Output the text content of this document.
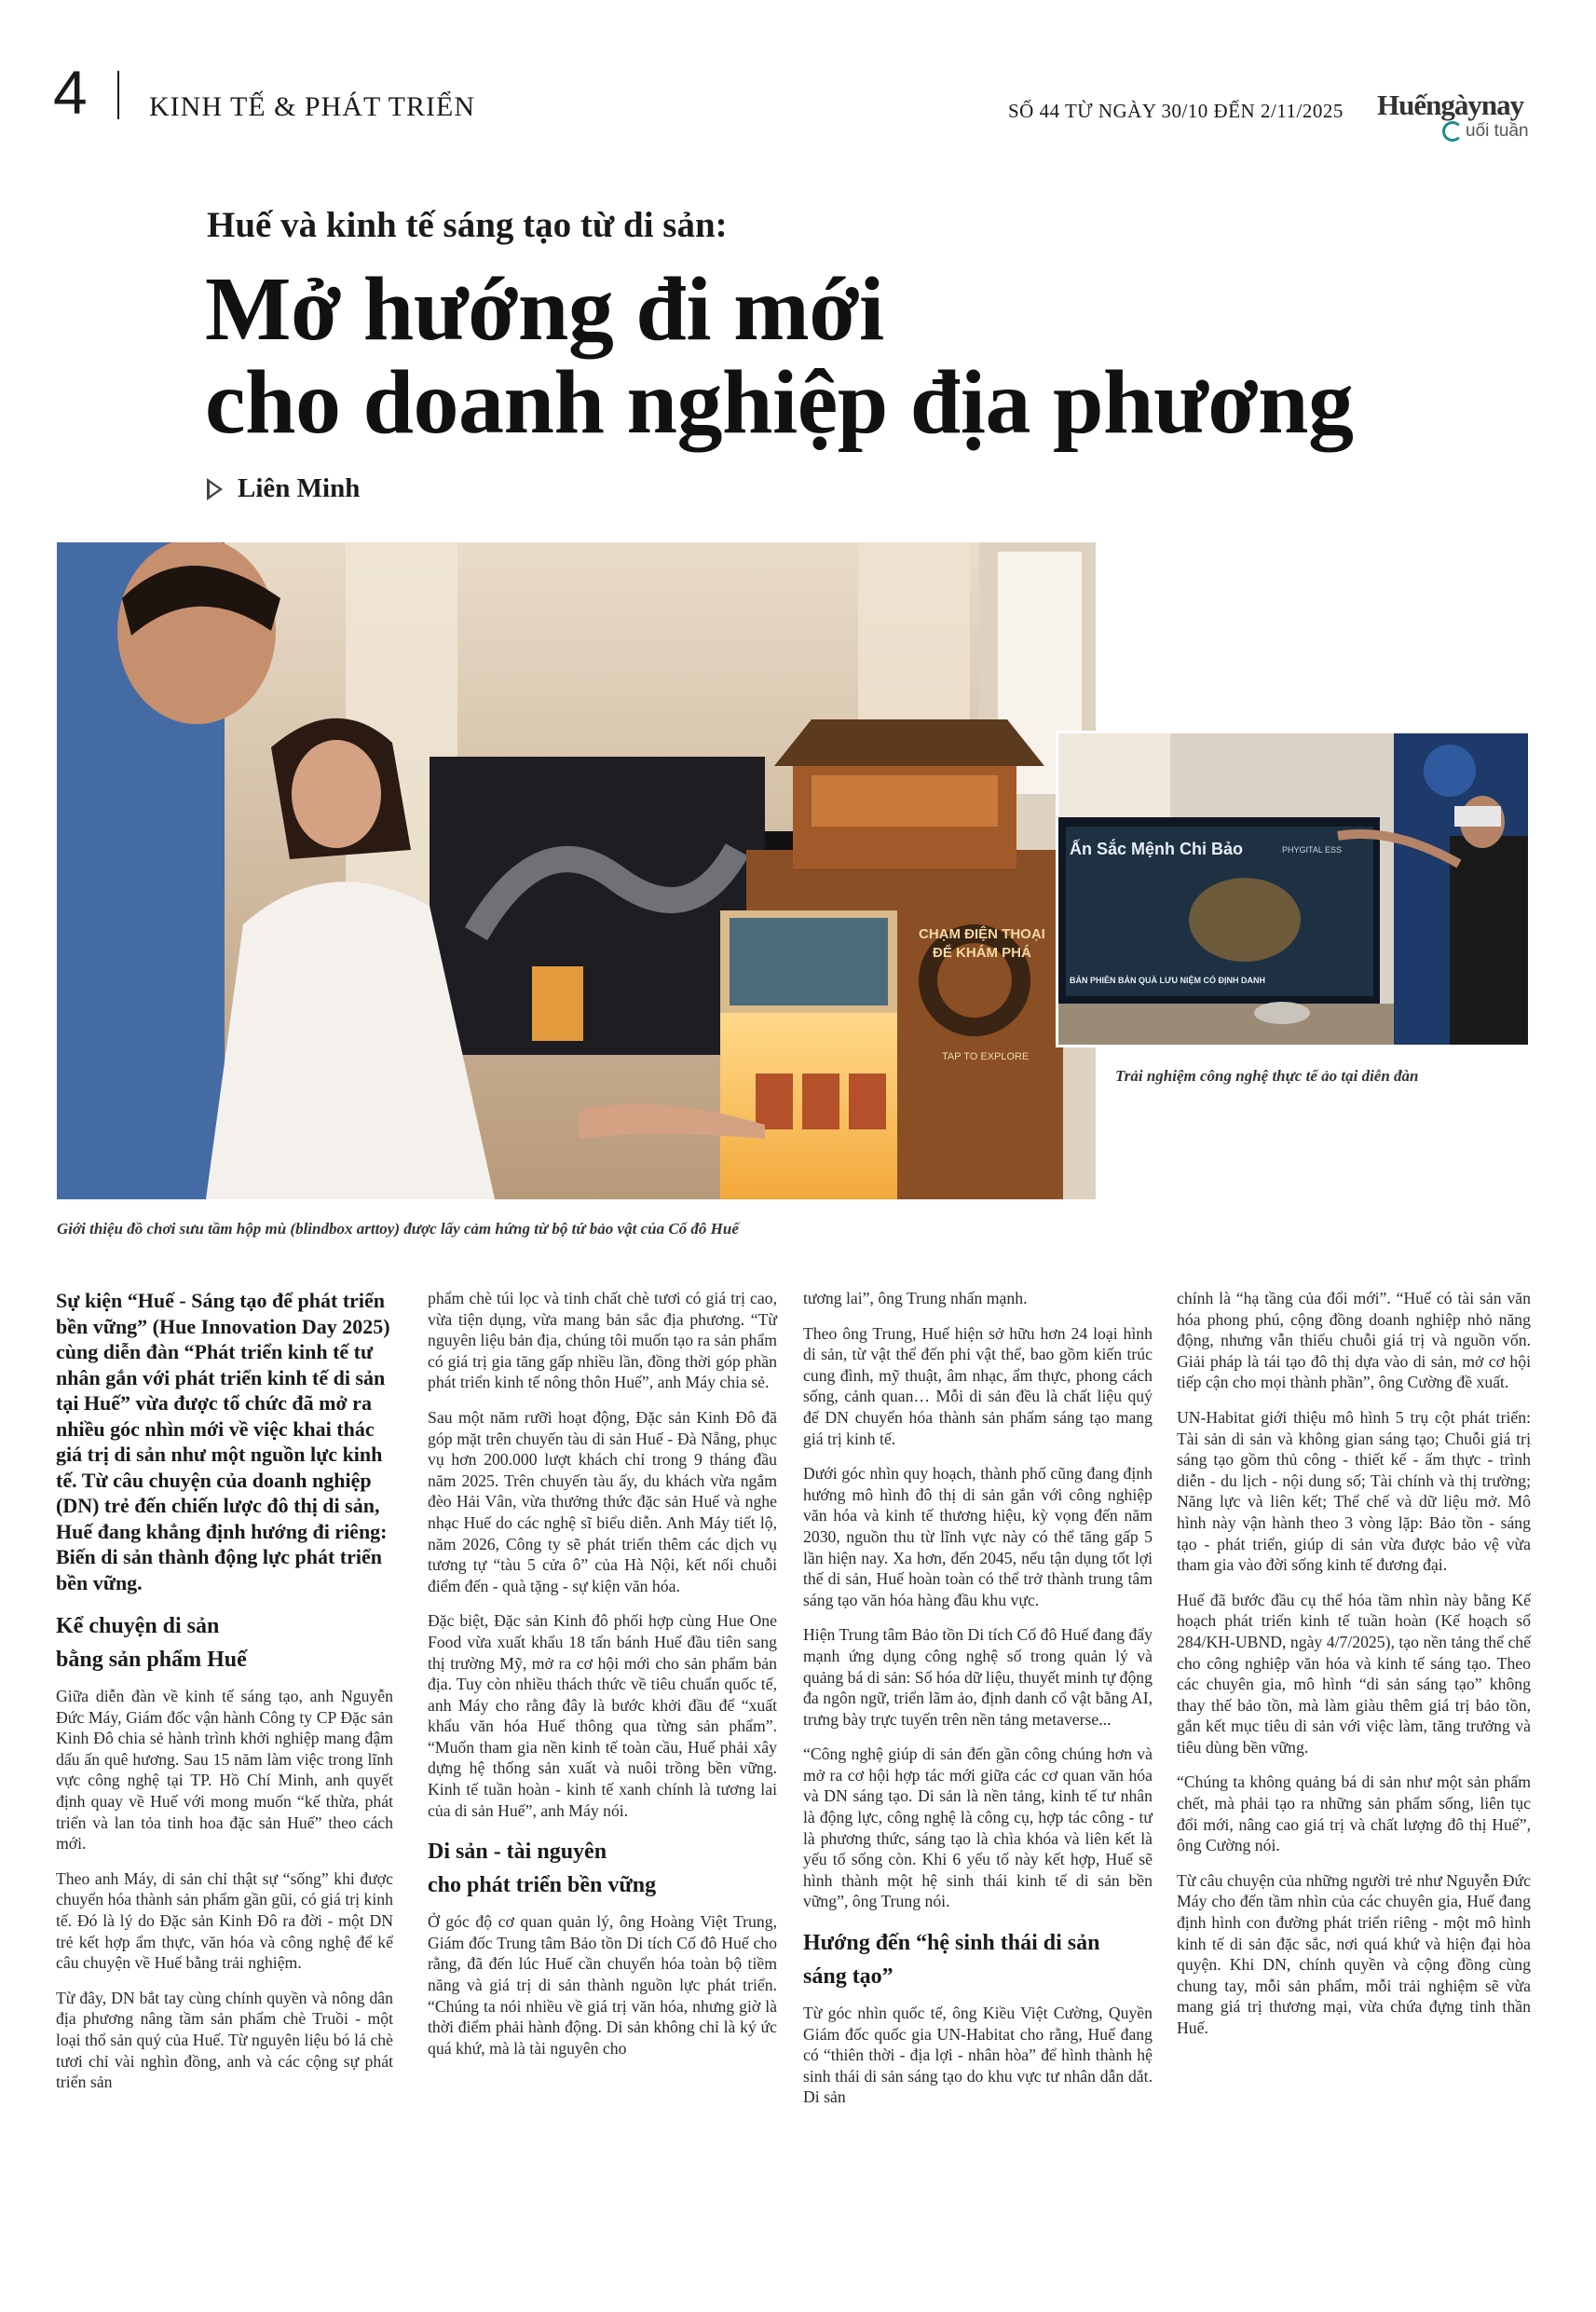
4 KINH TẾ & PHÁT TRIỂN	SỐ 44 TỪ NGÀY 30/10 ĐẾN 2/11/2025 Huếngàynay
uối tuần
Huế và kinh tế sáng tạo từ di sản:
Mở hướng đi mới
cho doanh nghiệp địa phương
Liên Minh
CHẠM ĐIỆN THOẠI
ĐỂ KHÁM PHÁ
TAP TO EXPLORE
Ấn Sắc Mệnh Chi Bảo	PHYGITAL ESS
BẢN PHIÊN BẢN QUÀ LƯU NIỆM CÓ ĐỊNH DANH
Giới thiệu đồ chơi sưu tầm hộp mù (blindbox arttoy) được lấy cảm hứng từ bộ tứ bảo vật của Cố đô Huế
Trải nghiệm công nghệ thực tế ảo tại diễn đàn

Sự kiện “Huế - Sáng tạo để phát triển bền vững” (Hue Innovation Day 2025) cùng diễn đàn “Phát triển kinh tế tư nhân gắn với phát triển kinh tế di sản tại Huế” vừa được tổ chức đã mở ra nhiều góc nhìn mới về việc khai thác giá trị di sản như một nguồn lực kinh tế. Từ câu chuyện của doanh nghiệp (DN) trẻ đến chiến lược đô thị di sản, Huế đang khẳng định hướng đi riêng: Biến di sản thành động lực phát triển bền vững.

Kể chuyện di sản
bằng sản phẩm Huế

Giữa diễn đàn về kinh tế sáng tạo, anh Nguyễn Đức Máy, Giám đốc vận hành Công ty CP Đặc sản Kinh Đô chia sẻ hành trình khởi nghiệp mang đậm dấu ấn quê hương. Sau 15 năm làm việc trong lĩnh vực công nghệ tại TP. Hồ Chí Minh, anh quyết định quay về Huế với mong muốn “kế thừa, phát triển và lan tỏa tinh hoa đặc sản Huế” theo cách mới.

Theo anh Máy, di sản chỉ thật sự “sống” khi được chuyển hóa thành sản phẩm gần gũi, có giá trị kinh tế. Đó là lý do Đặc sản Kinh Đô ra đời - một DN trẻ kết hợp ẩm thực, văn hóa và công nghệ để kể câu chuyện về Huế bằng trải nghiệm.

Từ đây, DN bắt tay cùng chính quyền và nông dân địa phương nâng tầm sản phẩm chè Truồi - một loại thổ sản quý của Huế. Từ nguyên liệu bó lá chè tươi chỉ vài nghìn đồng, anh và các cộng sự phát triển sản

phẩm chè túi lọc và tinh chất chè tươi có giá trị cao, vừa tiện dụng, vừa mang bản sắc địa phương. “Từ nguyên liệu bản địa, chúng tôi muốn tạo ra sản phẩm có giá trị gia tăng gấp nhiều lần, đồng thời góp phần phát triển kinh tế nông thôn Huế”, anh Máy chia sẻ.

Sau một năm rưỡi hoạt động, Đặc sản Kinh Đô đã góp mặt trên chuyến tàu di sản Huế - Đà Nẵng, phục vụ hơn 200.000 lượt khách chỉ trong 9 tháng đầu năm 2025. Trên chuyến tàu ấy, du khách vừa ngắm đèo Hải Vân, vừa thưởng thức đặc sản Huế và nghe nhạc Huế do các nghệ sĩ biểu diễn. Anh Máy tiết lộ, năm 2026, Công ty sẽ phát triển thêm các dịch vụ tương tự “tàu 5 cửa ô” của Hà Nội, kết nối chuỗi điểm đến - quà tặng - sự kiện văn hóa.

Đặc biệt, Đặc sản Kinh đô phối hợp cùng Hue One Food vừa xuất khẩu 18 tấn bánh Huế đầu tiên sang thị trường Mỹ, mở ra cơ hội mới cho sản phẩm bản địa. Tuy còn nhiều thách thức về tiêu chuẩn quốc tế, anh Máy cho rằng đây là bước khởi đầu để “xuất khẩu văn hóa Huế thông qua từng sản phẩm”. “Muốn tham gia nền kinh tế toàn cầu, Huế phải xây dựng hệ thống sản xuất và nuôi trồng bền vững. Kinh tế tuần hoàn - kinh tế xanh chính là tương lai của di sản Huế”, anh Máy nói.

Di sản - tài nguyên
cho phát triển bền vững

Ở góc độ cơ quan quản lý, ông Hoàng Việt Trung, Giám đốc Trung tâm Bảo tồn Di tích Cố đô Huế cho rằng, đã đến lúc Huế cần chuyển hóa toàn bộ tiềm năng và giá trị di sản thành nguồn lực phát triển. “Chúng ta nói nhiều về giá trị văn hóa, nhưng giờ là thời điểm phải hành động. Di sản không chỉ là ký ức quá khứ, mà là tài nguyên cho

tương lai”, ông Trung nhấn mạnh.

Theo ông Trung, Huế hiện sở hữu hơn 24 loại hình di sản, từ vật thể đến phi vật thể, bao gồm kiến trúc cung đình, mỹ thuật, âm nhạc, ẩm thực, phong cách sống, cảnh quan… Mỗi di sản đều là chất liệu quý để DN chuyển hóa thành sản phẩm sáng tạo mang giá trị kinh tế.

Dưới góc nhìn quy hoạch, thành phố cũng đang định hướng mô hình đô thị di sản gắn với công nghiệp văn hóa và kinh tế thương hiệu, kỳ vọng đến năm 2030, nguồn thu từ lĩnh vực này có thể tăng gấp 5 lần hiện nay. Xa hơn, đến 2045, nếu tận dụng tốt lợi thế di sản, Huế hoàn toàn có thể trở thành trung tâm sáng tạo văn hóa hàng đầu khu vực.

Hiện Trung tâm Bảo tồn Di tích Cố đô Huế đang đẩy mạnh ứng dụng công nghệ số trong quản lý và quảng bá di sản: Số hóa dữ liệu, thuyết minh tự động đa ngôn ngữ, triển lãm ảo, định danh cổ vật bằng AI, trưng bày trực tuyến trên nền tảng metaverse...

“Công nghệ giúp di sản đến gần công chúng hơn và mở ra cơ hội hợp tác mới giữa các cơ quan văn hóa và DN sáng tạo. Di sản là nền tảng, kinh tế tư nhân là động lực, công nghệ là công cụ, hợp tác công - tư là phương thức, sáng tạo là chìa khóa và liên kết là yếu tố sống còn. Khi 6 yếu tố này kết hợp, Huế sẽ hình thành một hệ sinh thái kinh tế di sản bền vững”, ông Trung nói.

Hướng đến “hệ sinh thái di sản
sáng tạo”

Từ góc nhìn quốc tế, ông Kiều Việt Cường, Quyền Giám đốc quốc gia UN-Habitat cho rằng, Huế đang có “thiên thời - địa lợi - nhân hòa” để hình thành hệ sinh thái di sản sáng tạo do khu vực tư nhân dẫn dắt. Di sản

chính là “hạ tầng của đổi mới”. “Huế có tài sản văn hóa phong phú, cộng đồng doanh nghiệp nhỏ năng động, nhưng vẫn thiếu chuỗi giá trị và nguồn vốn. Giải pháp là tái tạo đô thị dựa vào di sản, mở cơ hội tiếp cận cho mọi thành phần”, ông Cường đề xuất.

UN-Habitat giới thiệu mô hình 5 trụ cột phát triển: Tài sản di sản và không gian sáng tạo; Chuỗi giá trị sáng tạo gồm thủ công - thiết kế - ẩm thực - trình diễn - du lịch - nội dung số; Tài chính và thị trường; Năng lực và liên kết; Thể chế và dữ liệu mở. Mô hình này vận hành theo 3 vòng lặp: Bảo tồn - sáng tạo - phát triển, giúp di sản vừa được bảo vệ vừa tham gia vào đời sống kinh tế đương đại.

Huế đã bước đầu cụ thể hóa tầm nhìn này bằng Kế hoạch phát triển kinh tế tuần hoàn (Kế hoạch số 284/KH-UBND, ngày 4/7/2025), tạo nền tảng thể chế cho công nghiệp văn hóa và kinh tế sáng tạo. Theo các chuyên gia, mô hình “di sản sáng tạo” không thay thế bảo tồn, mà làm giàu thêm giá trị bảo tồn, gắn kết mục tiêu di sản với việc làm, tăng trưởng và tiêu dùng bền vững.

“Chúng ta không quảng bá di sản như một sản phẩm chết, mà phải tạo ra những sản phẩm sống, liên tục đổi mới, nâng cao giá trị và chất lượng đô thị Huế”, ông Cường nói.

Từ câu chuyện của những người trẻ như Nguyễn Đức Máy cho đến tầm nhìn của các chuyên gia, Huế đang định hình con đường phát triển riêng - một mô hình kinh tế di sản đặc sắc, nơi quá khứ và hiện đại hòa quyện. Khi DN, chính quyền và cộng đồng cùng chung tay, mỗi sản phẩm, mỗi trải nghiệm sẽ vừa mang giá trị thương mại, vừa chứa đựng tinh thần Huế.
